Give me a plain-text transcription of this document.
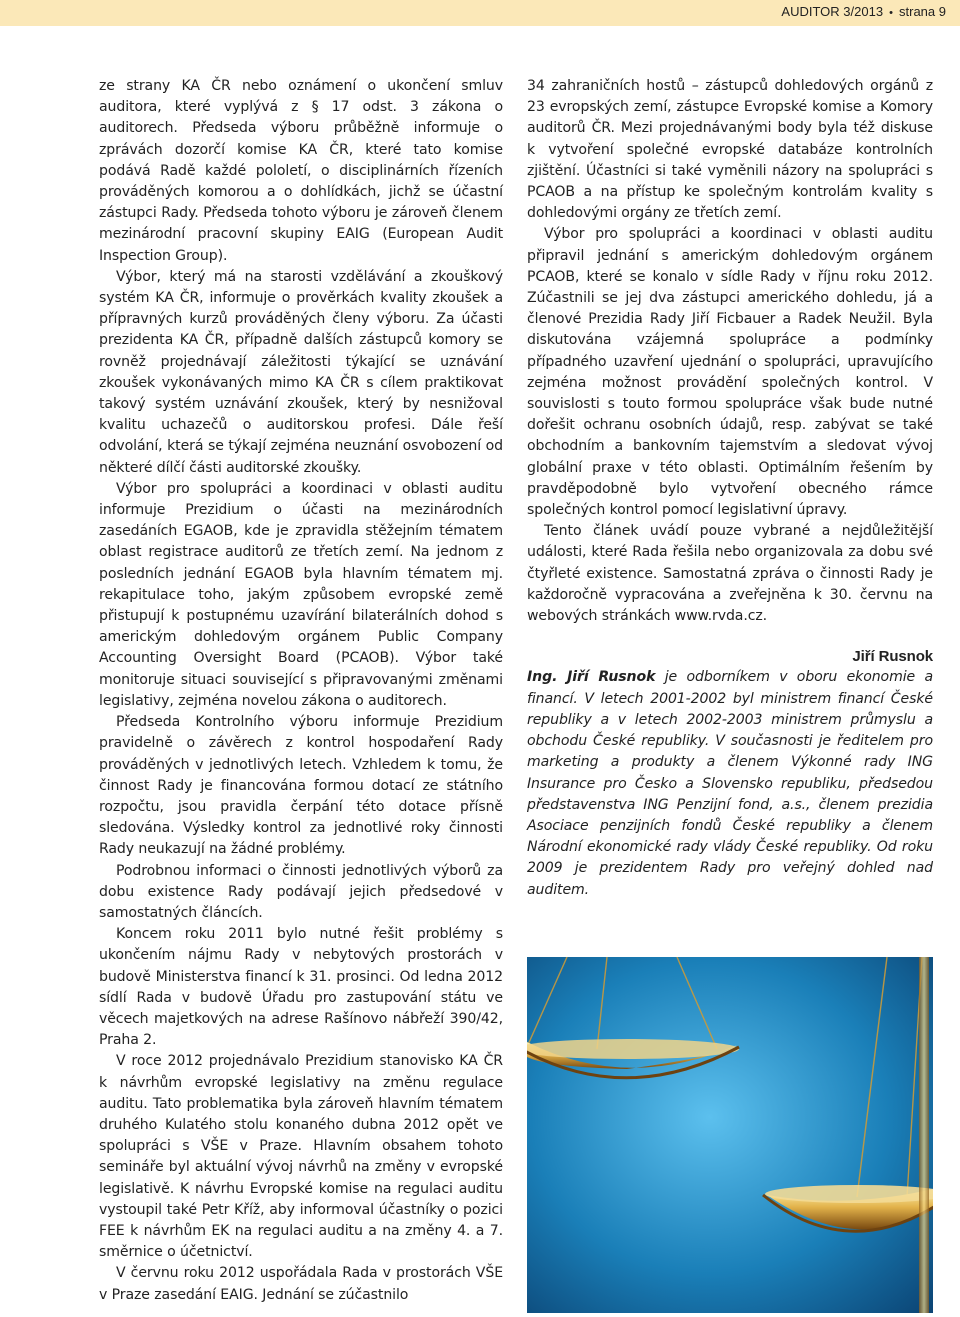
AUDITOR 3/2013 • strana 9

ze strany KA ČR nebo oznámení o ukončení smluv auditora, které vyplývá z § 17 odst. 3 zákona o auditorech. Předseda výboru průběžně informuje o zprávách dozorčí komise KA ČR, které tato komise podává Radě každé pololetí, o disciplinárních řízeních prováděných komorou a o dohlídkách, jichž se účastní zástupci Rady. Předseda tohoto výboru je zároveň členem mezinárodní pracovní skupiny EAIG (European Audit Inspection Group).

Výbor, který má na starosti vzdělávání a zkouškový systém KA ČR, informuje o prověrkách kvality zkoušek a přípravných kurzů prováděných členy výboru. Za účasti prezidenta KA ČR, případně dalších zástupců komory se rovněž projednávají záležitosti týkající se uznávání zkoušek vykonávaných mimo KA ČR s cílem praktikovat takový systém uznávání zkoušek, který by nesnižoval kvalitu uchazečů o auditorskou profesi. Dále řeší odvolání, která se týkají zejména neuznání osvobození od některé dílčí části auditorské zkoušky.

Výbor pro spolupráci a koordinaci v oblasti auditu informuje Prezidium o účasti na mezinárodních zasedáních EGAOB, kde je zpravidla stěžejním tématem oblast registrace auditorů ze třetích zemí. Na jednom z posledních jednání EGAOB byla hlavním tématem mj. rekapitulace toho, jakým způsobem evropské země přistupují k postupnému uzavírání bilaterálních dohod s americkým dohledovým orgánem Public Company Accounting Oversight Board (PCAOB). Výbor také monitoruje situaci související s připravovanými změnami legislativy, zejména novelou zákona o auditorech.

Předseda Kontrolního výboru informuje Prezidium pravidelně o závěrech z kontrol hospodaření Rady prováděných v jednotlivých letech. Vzhledem k tomu, že činnost Rady je financována formou dotací ze státního rozpočtu, jsou pravidla čerpání této dotace přísně sledována. Výsledky kontrol za jednotlivé roky činnosti Rady neukazují na žádné problémy.

Podrobnou informaci o činnosti jednotlivých výborů za dobu existence Rady podávají jejich předsedové v samostatných článcích.

Koncem roku 2011 bylo nutné řešit problémy s ukončením nájmu Rady v nebytových prostorách v budově Ministerstva financí k 31. prosinci. Od ledna 2012 sídlí Rada v budově Úřadu pro zastupování státu ve věcech majetkových na adrese Rašínovo nábřeží 390/42, Praha 2.

V roce 2012 projednávalo Prezidium stanovisko KA ČR k návrhům evropské legislativy na změnu regulace auditu. Tato problematika byla zároveň hlavním tématem druhého Kulatého stolu konaného dubna 2012 opět ve spolupráci s VŠE v Praze. Hlavním obsahem tohoto semináře byl aktuální vývoj návrhů na změny v evropské legislativě. K návrhu Evropské komise na regulaci auditu vystoupil také Petr Kříž, aby informoval účastníky o pozici FEE k návrhům EK na regulaci auditu a na změny 4. a 7. směrnice o účetnictví.

V červnu roku 2012 uspořádala Rada v prostorách VŠE v Praze zasedání EAIG. Jednání se zúčastnilo

34 zahraničních hostů – zástupců dohledových orgánů z 23 evropských zemí, zástupce Evropské komise a Komory auditorů ČR. Mezi projednávanými body byla též diskuse k vytvoření společné evropské databáze kontrolních zjištění. Účastníci si také vyměnili názory na spolupráci s PCAOB a na přístup ke společným kontrolám kvality s dohledovými orgány ze třetích zemí.

Výbor pro spolupráci a koordinaci v oblasti auditu připravil jednání s americkým dohledovým orgánem PCAOB, které se konalo v sídle Rady v říjnu roku 2012. Zúčastnili se jej dva zástupci amerického dohledu, já a členové Prezidia Rady Jiří Ficbauer a Radek Neužil. Byla diskutována vzájemná spolupráce a podmínky případného uzavření ujednání o spolupráci, upravujícího zejména možnost provádění společných kontrol. V souvislosti s touto formou spolupráce však bude nutné dořešit ochranu osobních údajů, resp. zabývat se také obchodním a bankovním tajemstvím a sledovat vývoj globální praxe v této oblasti. Optimálním řešením by pravděpodobně bylo vytvoření obecného rámce společných kontrol pomocí legislativní úpravy.

Tento článek uvádí pouze vybrané a nejdůležitější události, které Rada řešila nebo organizovala za dobu své čtyřleté existence. Samostatná zpráva o činnosti Rady je každoročně vypracována a zveřejněna k 30. červnu na webových stránkách www.rvda.cz.

Jiří Rusnok

Ing. Jiří Rusnok je odborníkem v oboru ekonomie a financí. V letech 2001-2002 byl ministrem financí České republiky a v letech 2002-2003 ministrem průmyslu a obchodu České republiky. V současnosti je ředitelem pro marketing a produkty a členem Výkonné rady ING Insurance pro Česko a Slovensko republiku, předsedou představenstva ING Penzijní fond, a.s., členem prezidia Asociace penzijních fondů České republiky a členem Národní ekonomické rady vlády České republiky. Od roku 2009 je prezidentem Rady pro veřejný dohled nad auditem.
